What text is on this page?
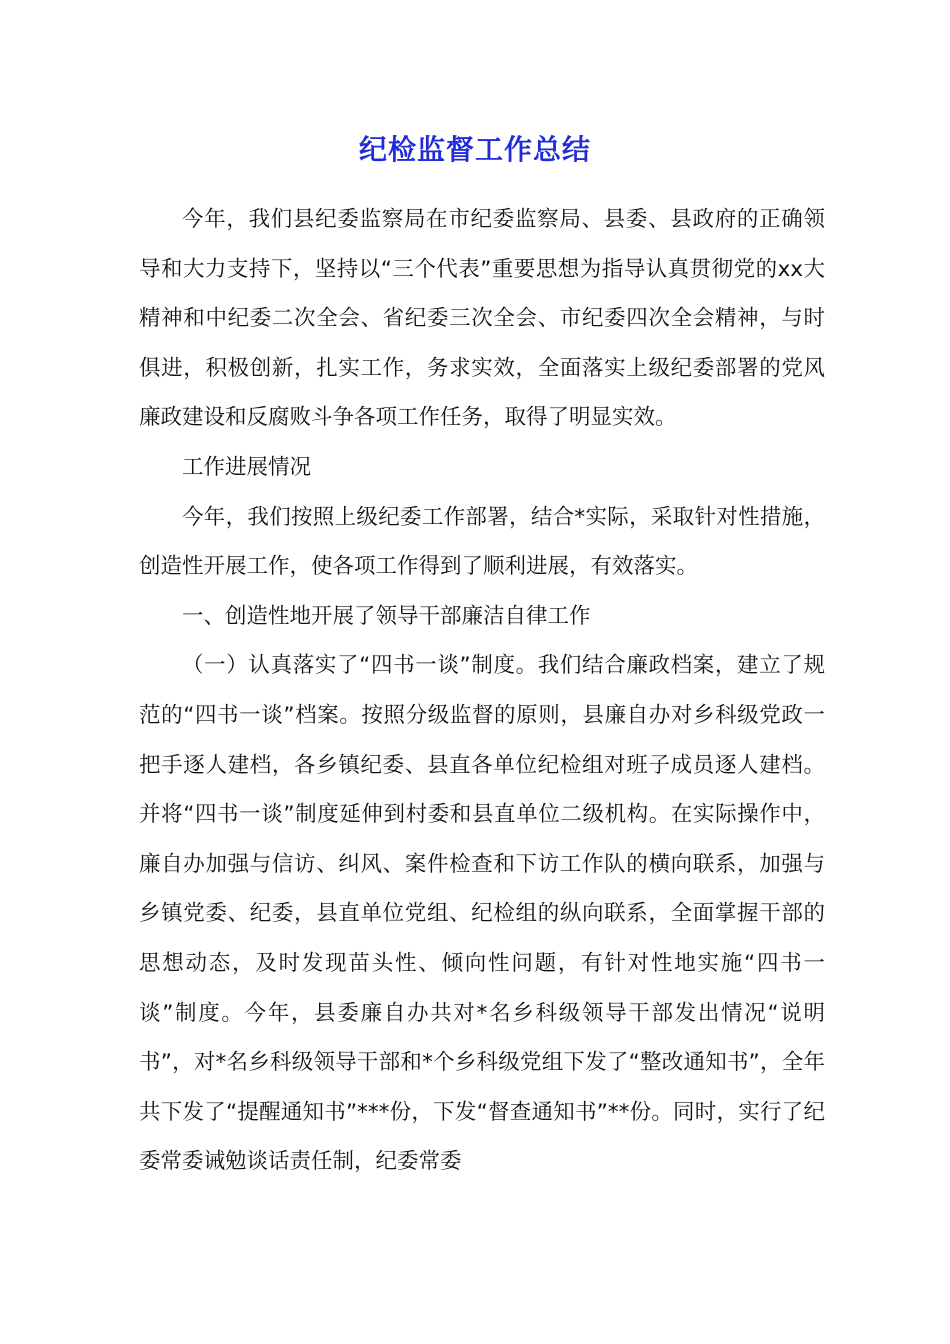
纪检监督工作总结

今年，我们县纪委监察局在市纪委监察局、县委、县政府的正确领导和大力支持下，坚持以“三个代表”重要思想为指导认真贯彻党的xx大精神和中纪委二次全会、省纪委三次全会、市纪委四次全会精神，与时俱进，积极创新，扎实工作，务求实效，全面落实上级纪委部署的党风廉政建设和反腐败斗争各项工作任务，取得了明显实效。

工作进展情况

今年，我们按照上级纪委工作部署，结合*实际，采取针对性措施，创造性开展工作，使各项工作得到了顺利进展，有效落实。

一、创造性地开展了领导干部廉洁自律工作

（一）认真落实了“四书一谈”制度。我们结合廉政档案，建立了规范的“四书一谈”档案。按照分级监督的原则，县廉自办对乡科级党政一把手逐人建档，各乡镇纪委、县直各单位纪检组对班子成员逐人建档。并将“四书一谈”制度延伸到村委和县直单位二级机构。在实际操作中，廉自办加强与信访、纠风、案件检查和下访工作队的横向联系，加强与乡镇党委、纪委，县直单位党组、纪检组的纵向联系，全面掌握干部的思想动态，及时发现苗头性、倾向性问题，有针对性地实施“四书一谈”制度。今年，县委廉自办共对*名乡科级领导干部发出情况“说明书”，对*名乡科级领导干部和*个乡科级党组下发了“整改通知书”，全年共下发了“提醒通知书”***份，下发“督查通知书”**份。同时，实行了纪委常委诫勉谈话责任制，纪委常委
